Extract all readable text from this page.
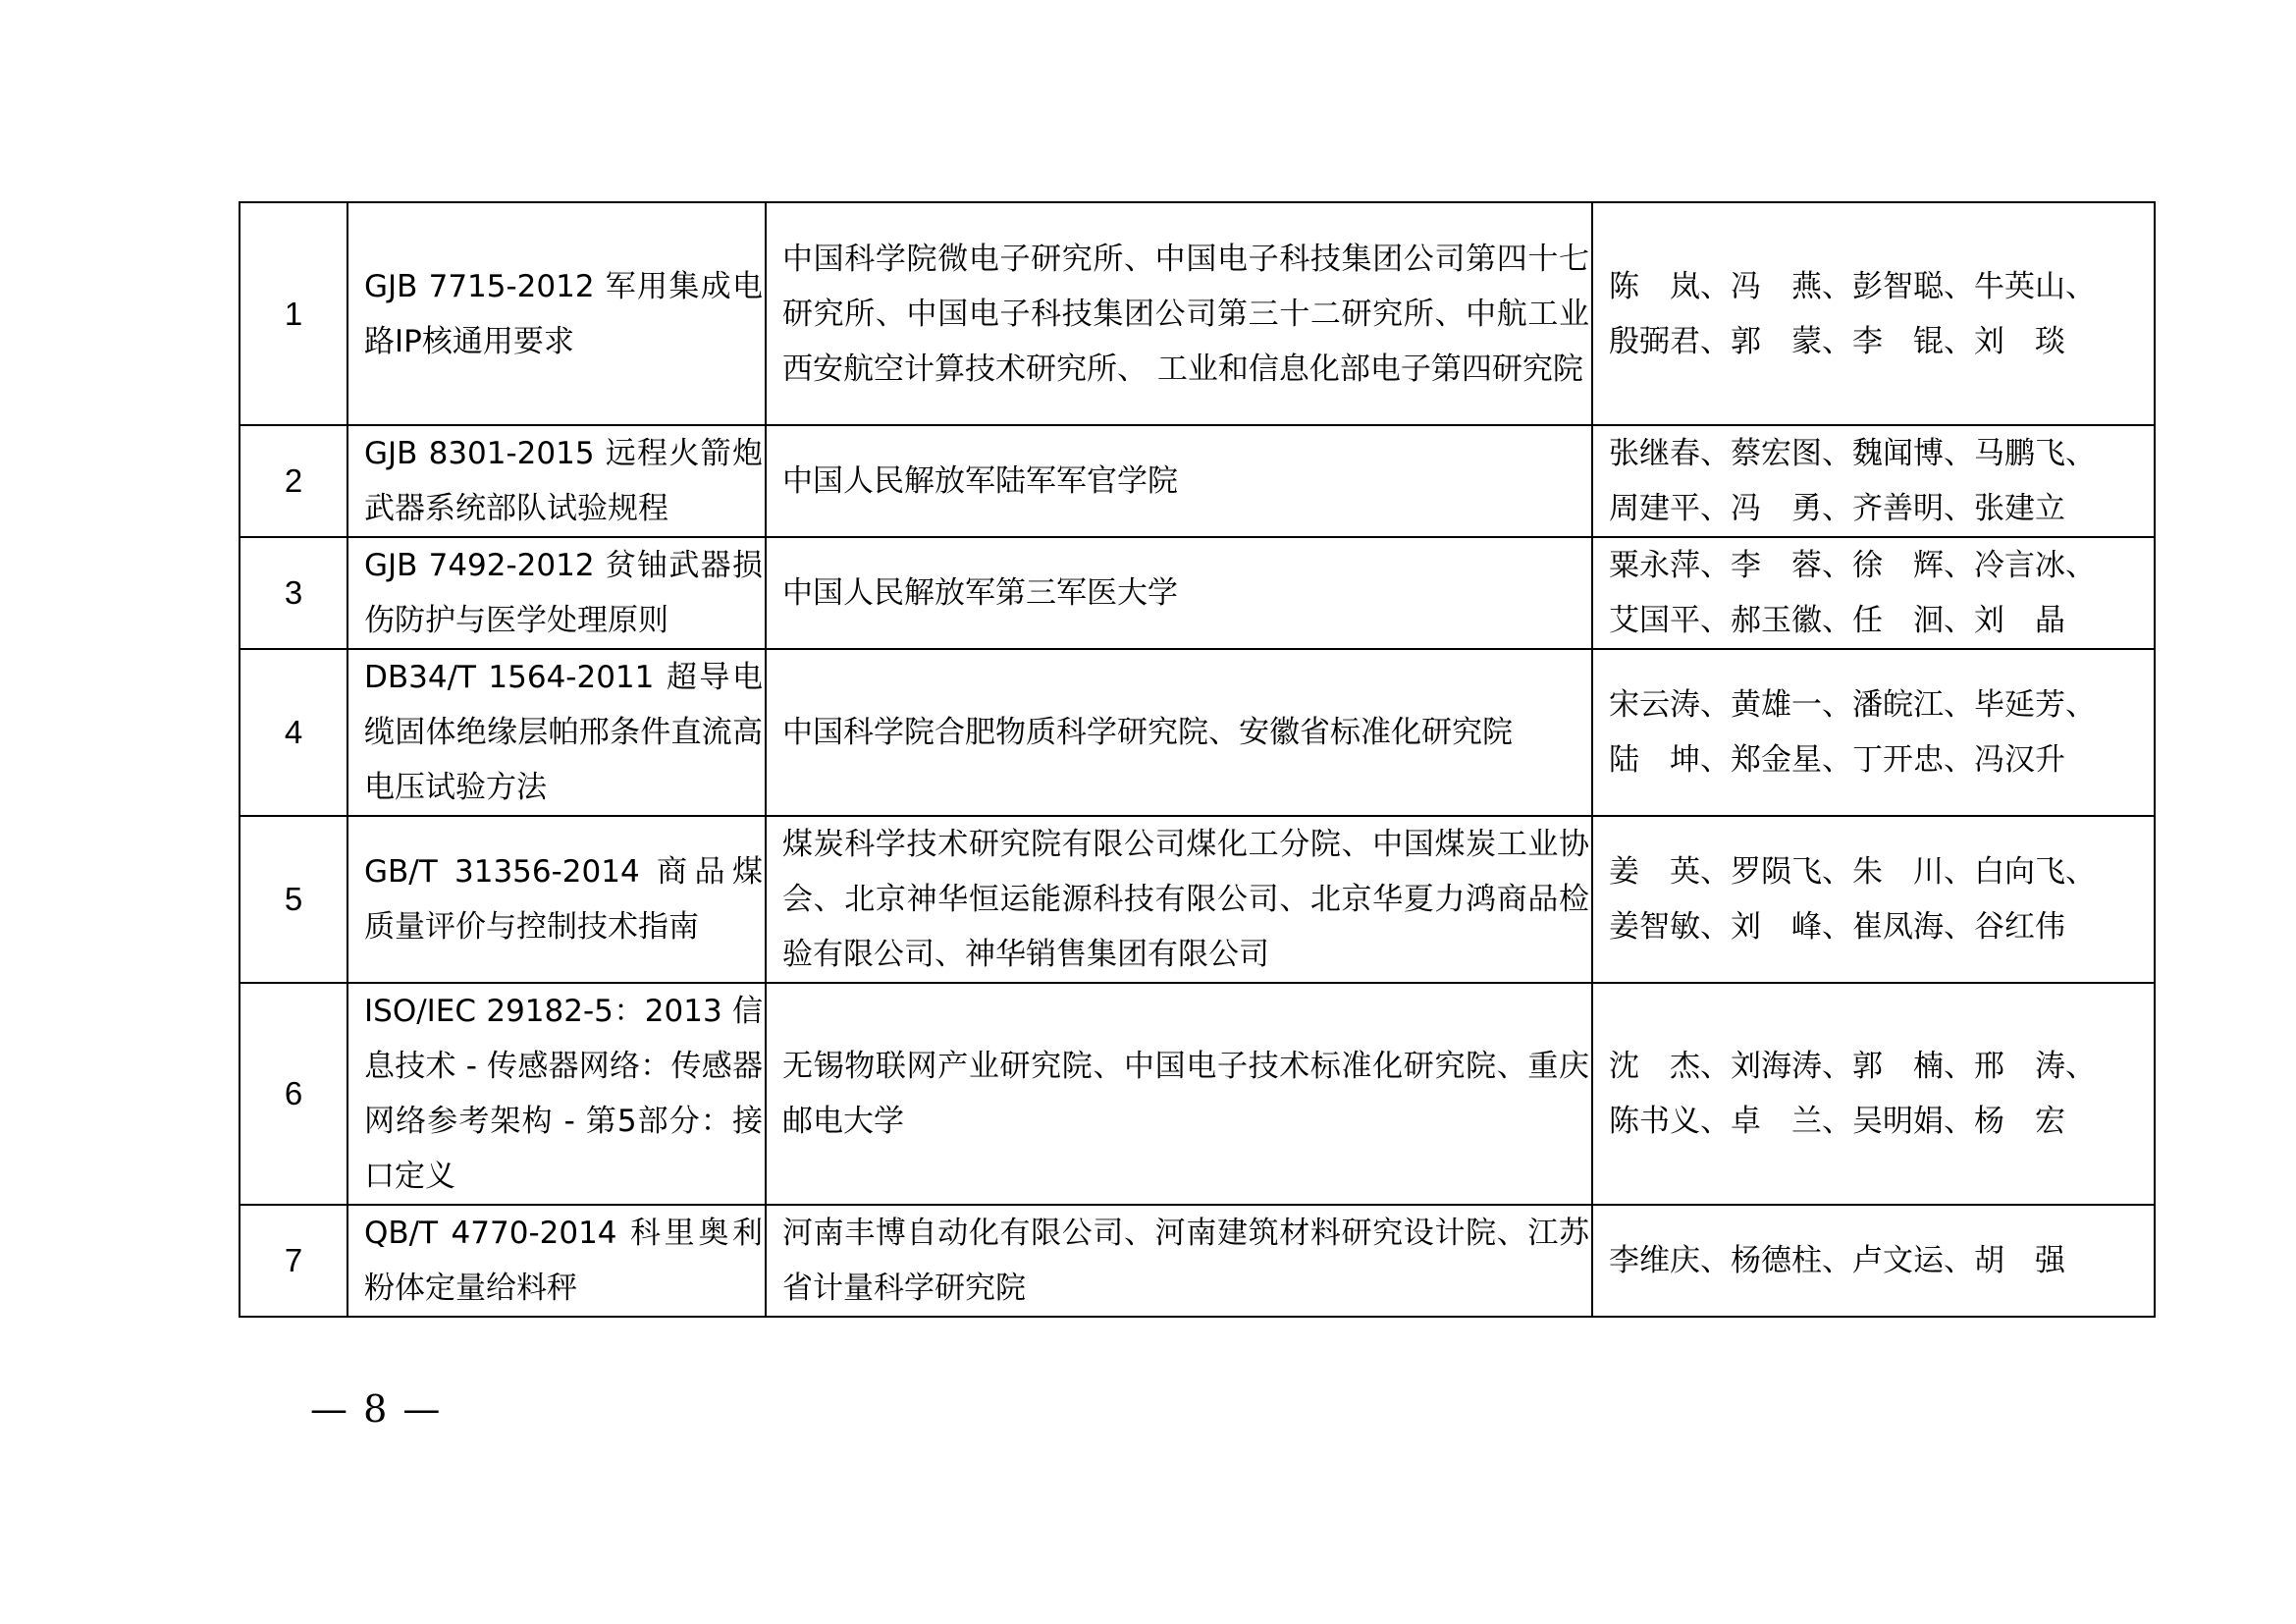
1	GJB 7715-2012 军用集成电路IP核通用要求	中国科学院微电子研究所、中国电子科技集团公司第四十七研究所、中国电子科技集团公司第三十二研究所、中航工业西安航空计算技术研究所、 工业和信息化部电子第四研究院	陈　岚、冯　燕、彭智聪、牛英山、
殷弼君、郭　蒙、李　锟、刘　琰

2	GJB 8301-2015 远程火箭炮武器系统部队试验规程	中国人民解放军陆军军官学院	张继春、蔡宏图、魏闻博、马鹏飞、
周建平、冯　勇、齐善明、张建立

3	GJB 7492-2012 贫铀武器损伤防护与医学处理原则	中国人民解放军第三军医大学	粟永萍、李　蓉、徐　辉、冷言冰、
艾国平、郝玉徽、任　洄、刘　晶

4	DB34/T 1564-2011 超导电缆固体绝缘层帕邢条件直流高电压试验方法	中国科学院合肥物质科学研究院、安徽省标准化研究院	宋云涛、黄雄一、潘皖江、毕延芳、
陆　坤、郑金星、丁开忠、冯汉升

5	GB/T 31356-2014 商品煤质量评价与控制技术指南	煤炭科学技术研究院有限公司煤化工分院、中国煤炭工业协会、北京神华恒运能源科技有限公司、北京华夏力鸿商品检验有限公司、神华销售集团有限公司	姜　英、罗陨飞、朱　川、白向飞、
姜智敏、刘　峰、崔凤海、谷红伟

6	ISO/IEC 29182-5：2013 信息技术 - 传感器网络：传感器网络参考架构 - 第5部分：接口定义	无锡物联网产业研究院、中国电子技术标准化研究院、重庆邮电大学	沈　杰、刘海涛、郭　楠、邢　涛、
陈书义、卓　兰、吴明娟、杨　宏

7	QB/T 4770-2014 科里奥利粉体定量给料秤	河南丰博自动化有限公司、河南建筑材料研究设计院、江苏省计量科学研究院	李维庆、杨德柱、卢文运、胡　强
— 8 —
